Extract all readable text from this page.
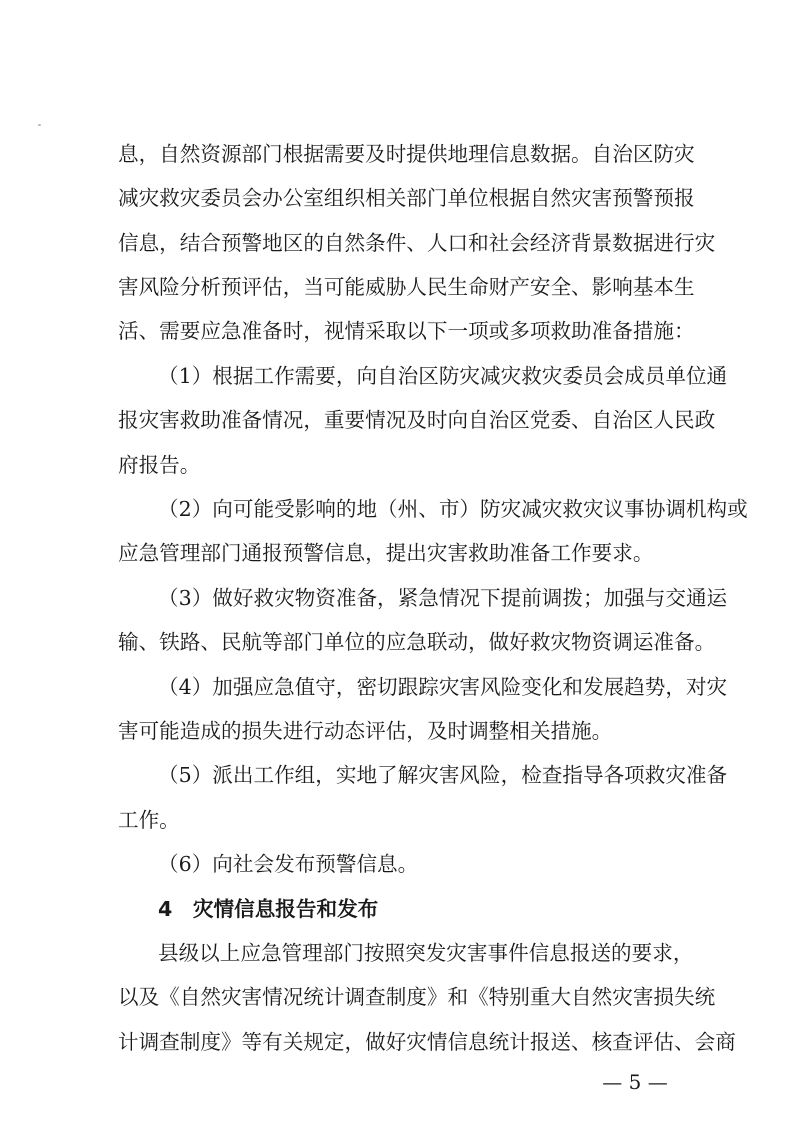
息，自然资源部门根据需要及时提供地理信息数据。自治区防灾
减灾救灾委员会办公室组织相关部门单位根据自然灾害预警预报
信息，结合预警地区的自然条件、人口和社会经济背景数据进行灾
害风险分析预评估，当可能威胁人民生命财产安全、影响基本生
活、需要应急准备时，视情采取以下一项或多项救助准备措施：
（1）根据工作需要，向自治区防灾减灾救灾委员会成员单位通
报灾害救助准备情况，重要情况及时向自治区党委、自治区人民政
府报告。
（2）向可能受影响的地（州、市）防灾减灾救灾议事协调机构或
应急管理部门通报预警信息，提出灾害救助准备工作要求。
（3）做好救灾物资准备，紧急情况下提前调拨；加强与交通运
输、铁路、民航等部门单位的应急联动，做好救灾物资调运准备。
（4）加强应急值守，密切跟踪灾害风险变化和发展趋势，对灾
害可能造成的损失进行动态评估，及时调整相关措施。
（5）派出工作组，实地了解灾害风险，检查指导各项救灾准备
工作。
（6）向社会发布预警信息。
4　灾情信息报告和发布
县级以上应急管理部门按照突发灾害事件信息报送的要求，
以及《自然灾害情况统计调查制度》和《特别重大自然灾害损失统
计调查制度》等有关规定，做好灾情信息统计报送、核查评估、会商
— 5 —
